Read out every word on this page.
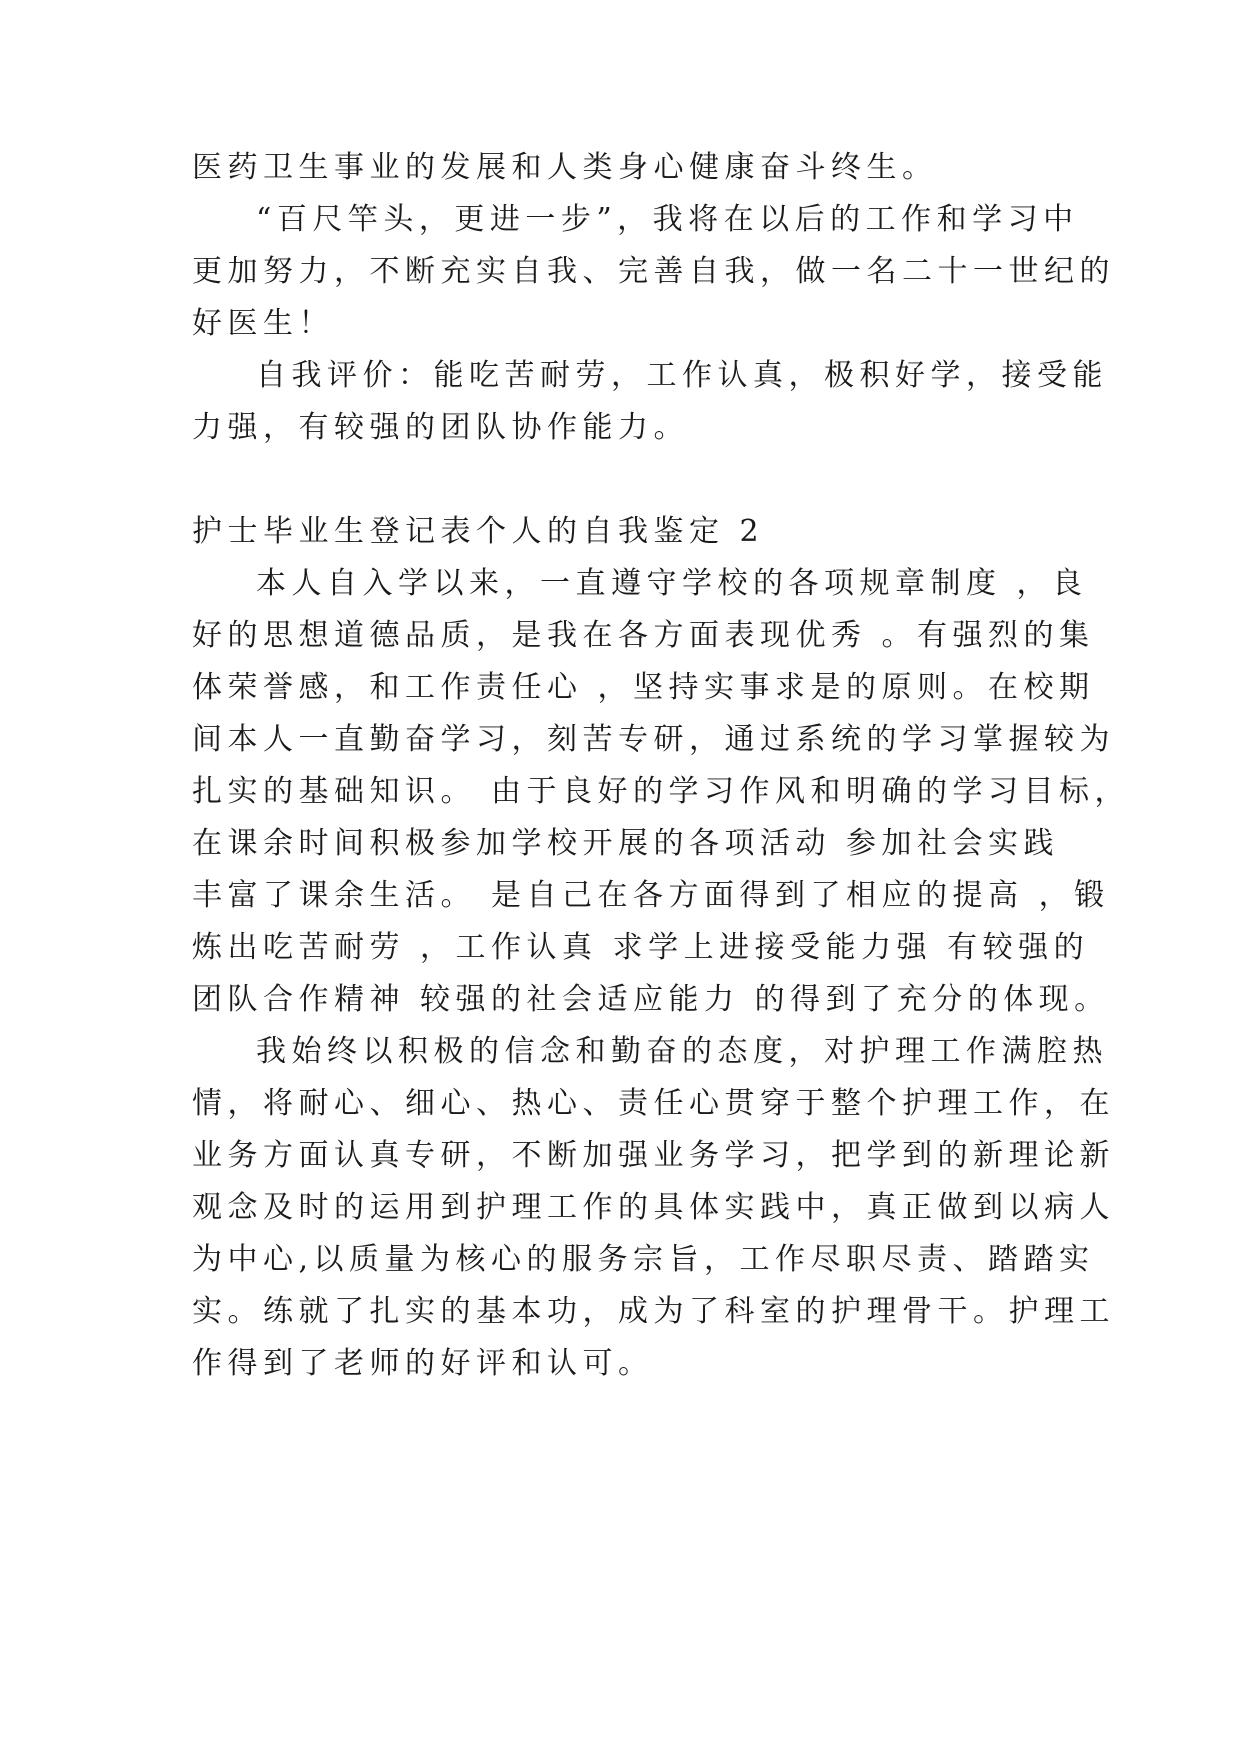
医药卫生事业的发展和人类身心健康奋斗终生。
“百尺竿头，更进一步”，我将在以后的工作和学习中
更加努力，不断充实自我、完善自我，做一名二十一世纪的
好医生！
自我评价：能吃苦耐劳，工作认真，极积好学，接受能
力强，有较强的团队协作能力。
护士毕业生登记表个人的自我鉴定 2
本人自入学以来，一直遵守学校的各项规章制度 ，良
好的思想道德品质，是我在各方面表现优秀 。有强烈的集
体荣誉感，和工作责任心 ，坚持实事求是的原则。在校期
间本人一直勤奋学习，刻苦专研，通过系统的学习掌握较为
扎实的基础知识。 由于良好的学习作风和明确的学习目标，
在课余时间积极参加学校开展的各项活动 参加社会实践
丰富了课余生活。 是自己在各方面得到了相应的提高 ，锻
炼出吃苦耐劳 ，工作认真 求学上进接受能力强 有较强的
团队合作精神 较强的社会适应能力 的得到了充分的体现。
我始终以积极的信念和勤奋的态度，对护理工作满腔热
情，将耐心、细心、热心、责任心贯穿于整个护理工作，在
业务方面认真专研，不断加强业务学习，把学到的新理论新
观念及时的运用到护理工作的具体实践中，真正做到以病人
为中心,以质量为核心的服务宗旨，工作尽职尽责、踏踏实
实。练就了扎实的基本功，成为了科室的护理骨干。护理工
作得到了老师的好评和认可。
